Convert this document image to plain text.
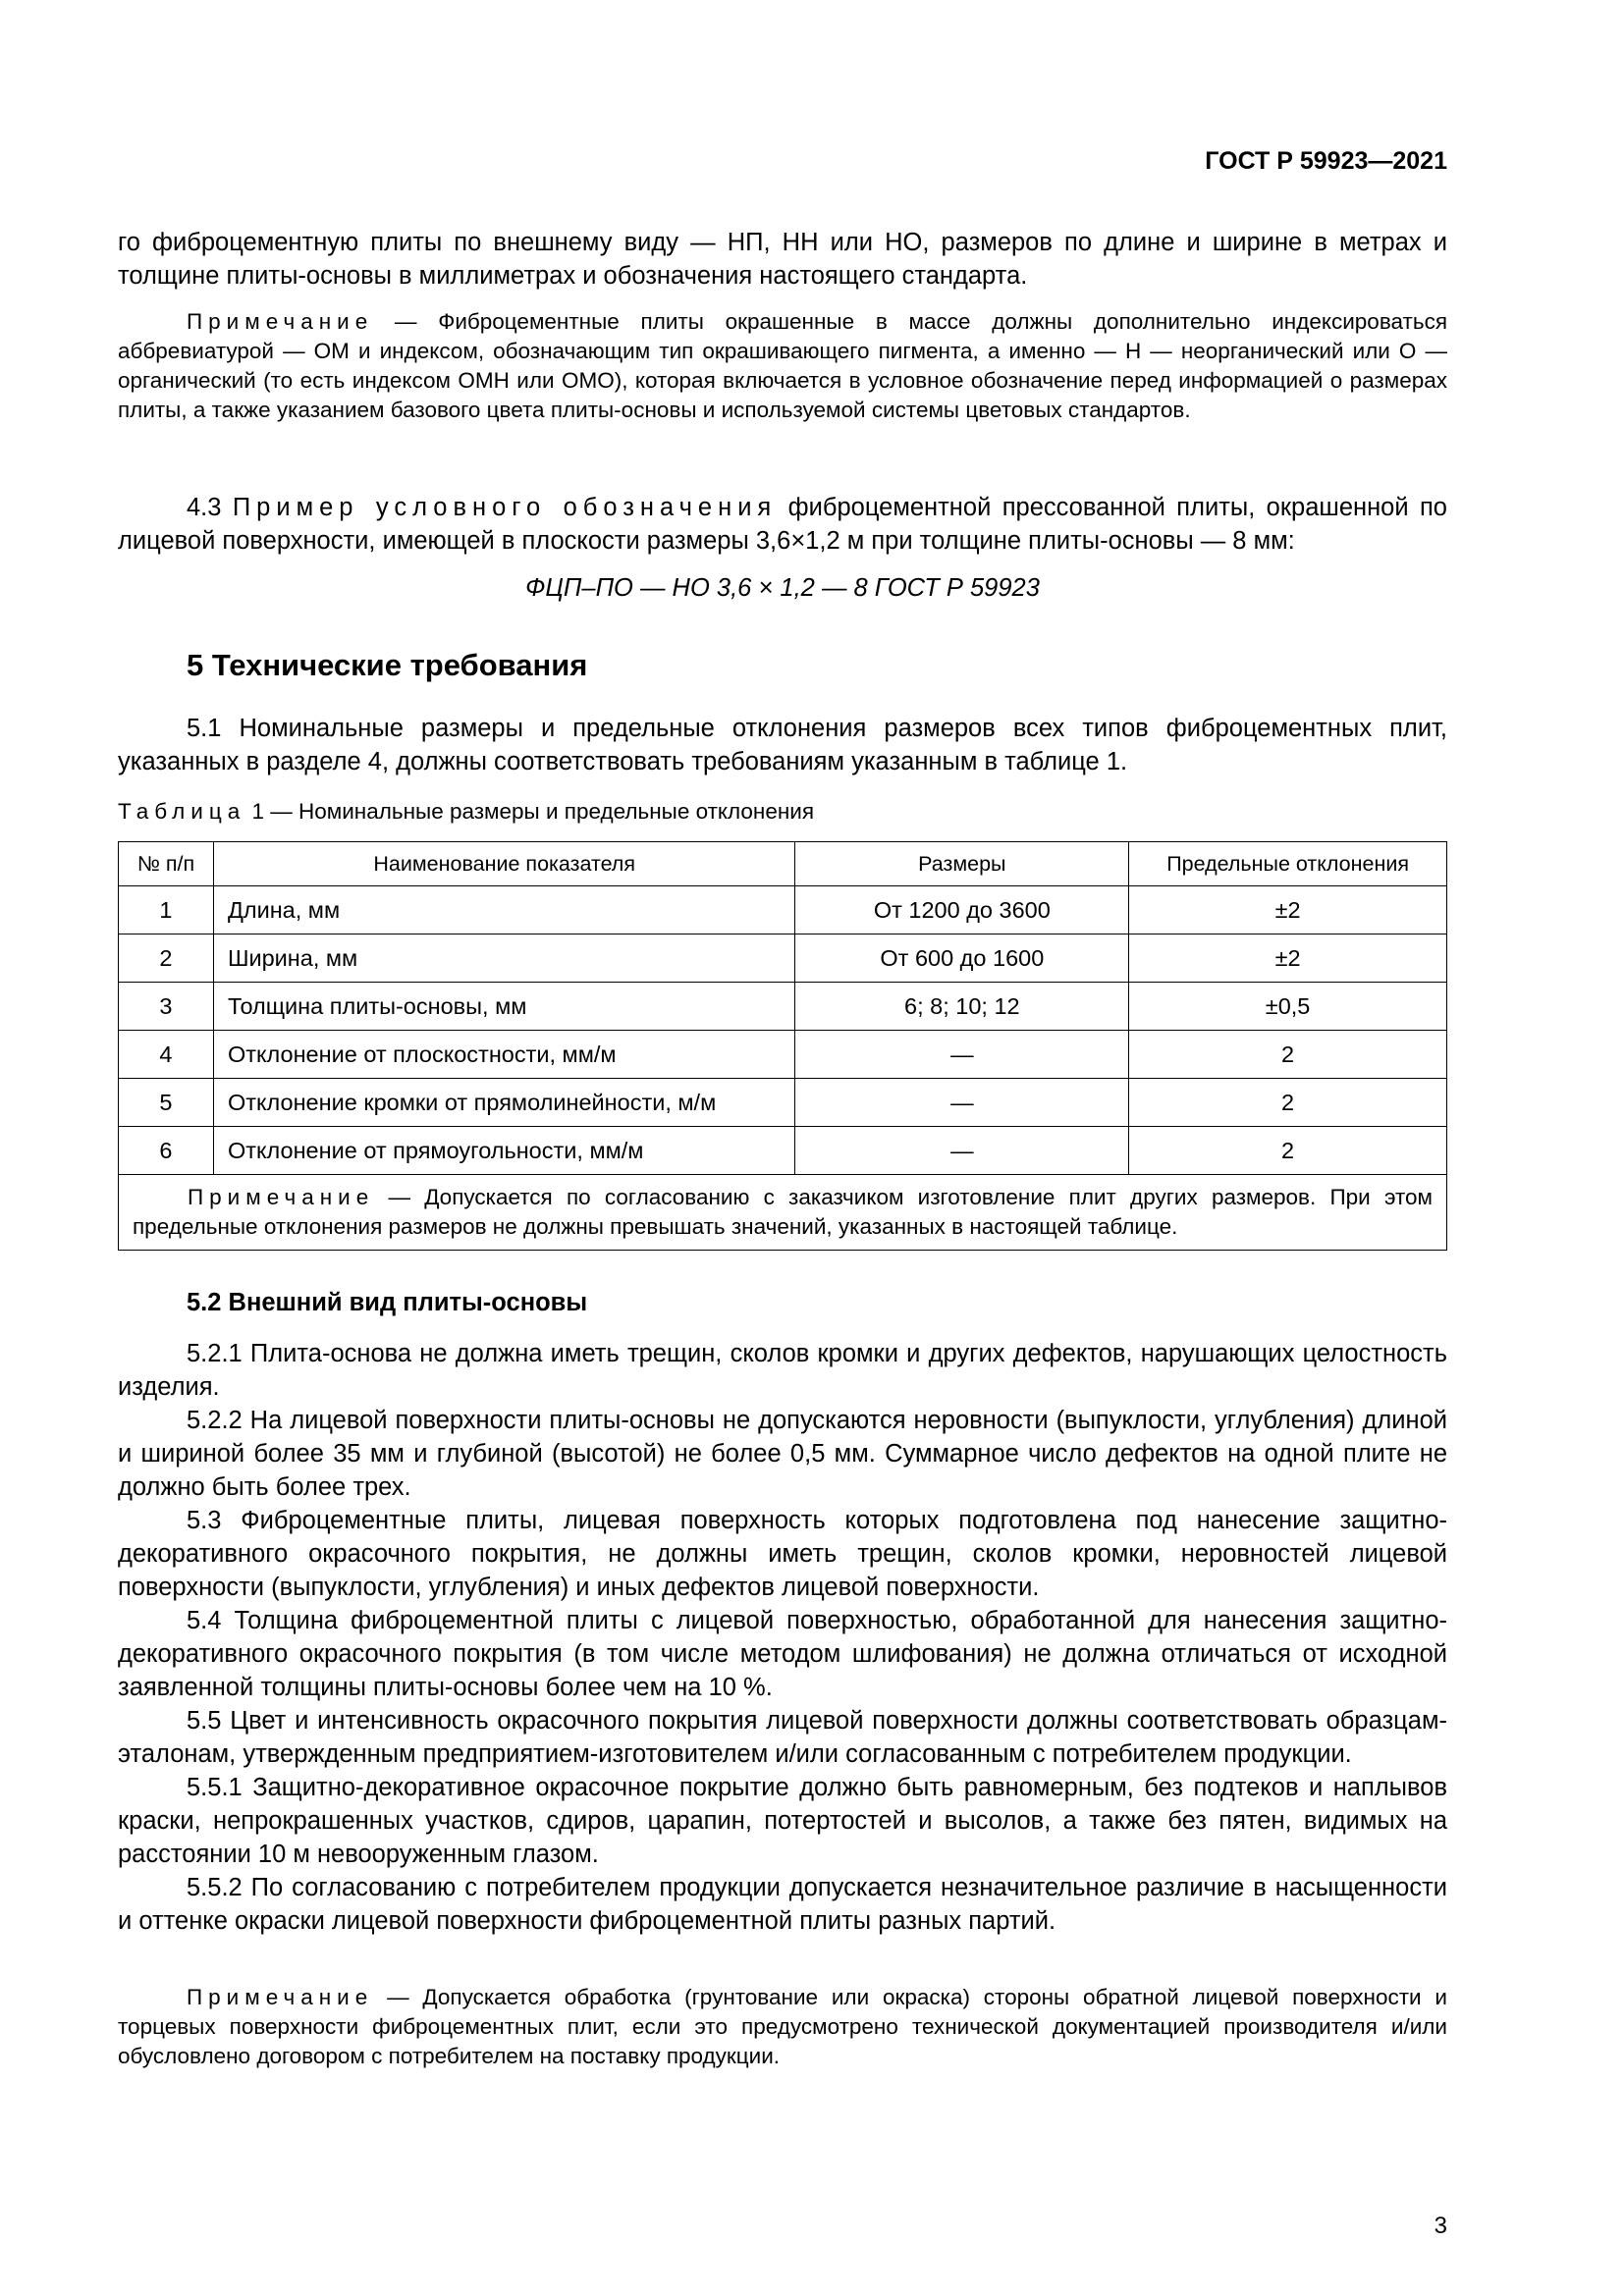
ГОСТ Р 59923—2021

го фиброцементную плиты по внешнему виду — НП, НН или НО, размеров по длине и ширине в метрах и толщине плиты-основы в миллиметрах и обозначения настоящего стандарта.

Примечание — Фиброцементные плиты окрашенные в массе должны дополнительно индексироваться аббревиатурой — ОМ и индексом, обозначающим тип окрашивающего пигмента, а именно — Н — неорганический или О — органический (то есть индексом ОМН или ОМО), которая включается в условное обозначение перед информацией о размерах плиты, а также указанием базового цвета плиты-основы и используемой системы цветовых стандартов.

4.3 Пример условного обозначения фиброцементной прессованной плиты, окрашенной по лицевой поверхности, имеющей в плоскости размеры 3,6×1,2 м при толщине плиты-основы — 8 мм:

ФЦП–ПО — НО 3,6 × 1,2 — 8 ГОСТ Р 59923

5 Технические требования

5.1 Номинальные размеры и предельные отклонения размеров всех типов фиброцементных плит, указанных в разделе 4, должны соответствовать требованиям указанным в таблице 1.

Таблица 1 — Номинальные размеры и предельные отклонения

№ п/п	Наименование показателя	Размеры	Предельные отклонения
1	Длина, мм	От 1200 до 3600	±2
2	Ширина, мм	От 600 до 1600	±2
3	Толщина плиты-основы, мм	6; 8; 10; 12	±0,5
4	Отклонение от плоскостности, мм/м	—	2
5	Отклонение кромки от прямолинейности, м/м	—	2
6	Отклонение от прямоугольности, мм/м	—	2
Примечание — Допускается по согласованию с заказчиком изготовление плит других размеров. При этом предельные отклонения размеров не должны превышать значений, указанных в настоящей таблице.			
5.2 Внешний вид плиты-основы

5.2.1 Плита-основа не должна иметь трещин, сколов кромки и других дефектов, нарушающих целостность изделия.

5.2.2 На лицевой поверхности плиты-основы не допускаются неровности (выпуклости, углубления) длиной и шириной более 35 мм и глубиной (высотой) не более 0,5 мм. Суммарное число дефектов на одной плите не должно быть более трех.

5.3 Фиброцементные плиты, лицевая поверхность которых подготовлена под нанесение защитно-декоративного окрасочного покрытия, не должны иметь трещин, сколов кромки, неровностей лицевой поверхности (выпуклости, углубления) и иных дефектов лицевой поверхности.

5.4 Толщина фиброцементной плиты с лицевой поверхностью, обработанной для нанесения защитно-декоративного окрасочного покрытия (в том числе методом шлифования) не должна отличаться от исходной заявленной толщины плиты-основы более чем на 10 %.

5.5 Цвет и интенсивность окрасочного покрытия лицевой поверхности должны соответствовать образцам-эталонам, утвержденным предприятием-изготовителем и/или согласованным с потребителем продукции.

5.5.1 Защитно-декоративное окрасочное покрытие должно быть равномерным, без подтеков и наплывов краски, непрокрашенных участков, сдиров, царапин, потертостей и высолов, а также без пятен, видимых на расстоянии 10 м невооруженным глазом.

5.5.2 По согласованию с потребителем продукции допускается незначительное различие в насыщенности и оттенке окраски лицевой поверхности фиброцементной плиты разных партий.

Примечание — Допускается обработка (грунтование или окраска) стороны обратной лицевой поверхности и торцевых поверхности фиброцементных плит, если это предусмотрено технической документацией производителя и/или обусловлено договором с потребителем на поставку продукции.

3
